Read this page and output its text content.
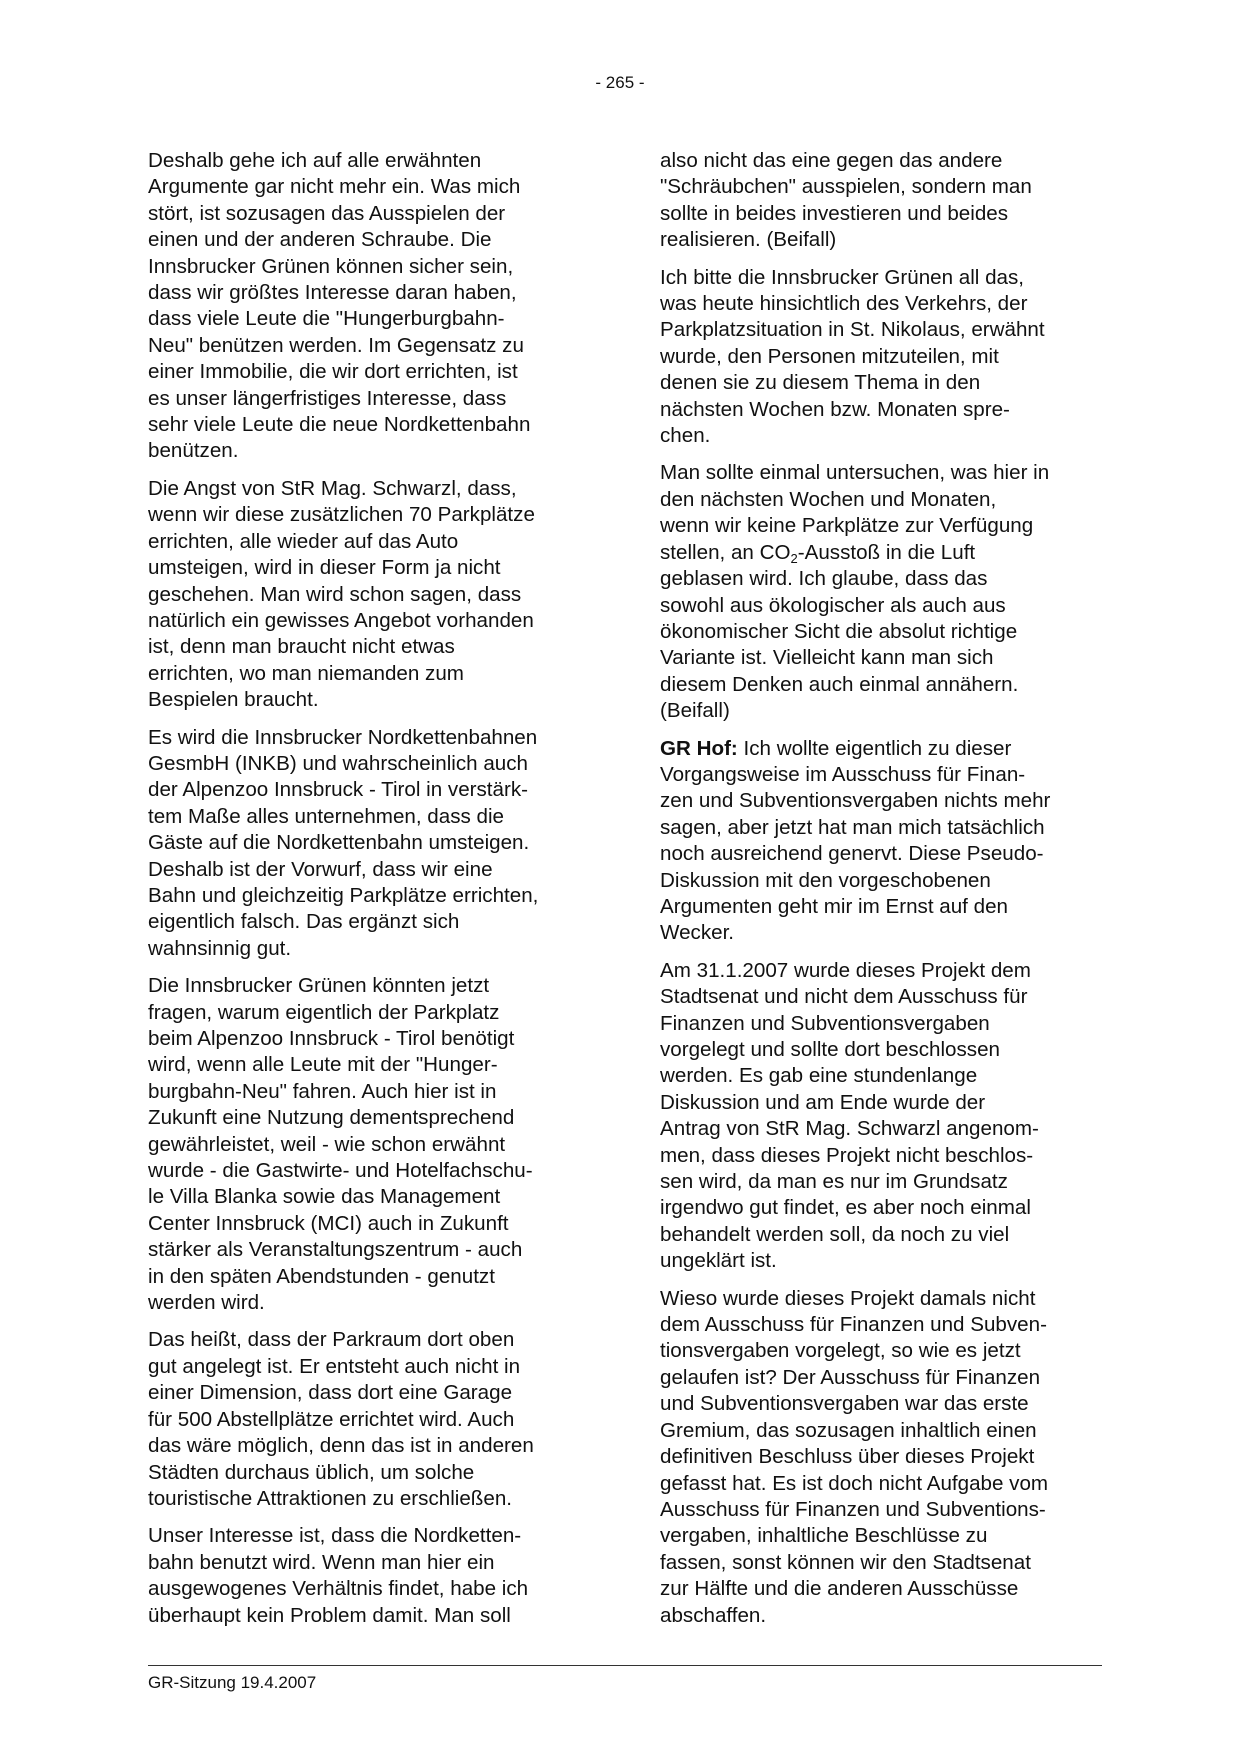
- 265 -

Deshalb gehe ich auf alle erwähnten
Argumente gar nicht mehr ein. Was mich
stört, ist sozusagen das Ausspielen der
einen und der anderen Schraube. Die
Innsbrucker Grünen können sicher sein,
dass wir größtes Interesse daran haben,
dass viele Leute die "Hungerburgbahn-
Neu" benützen werden. Im Gegensatz zu
einer Immobilie, die wir dort errichten, ist
es unser längerfristiges Interesse, dass
sehr viele Leute die neue Nordkettenbahn
benützen.

Die Angst von StR Mag. Schwarzl, dass,
wenn wir diese zusätzlichen 70 Parkplätze
errichten, alle wieder auf das Auto
umsteigen, wird in dieser Form ja nicht
geschehen. Man wird schon sagen, dass
natürlich ein gewisses Angebot vorhanden
ist, denn man braucht nicht etwas
errichten, wo man niemanden zum
Bespielen braucht.

Es wird die Innsbrucker Nordkettenbahnen
GesmbH (INKB) und wahrscheinlich auch
der Alpenzoo Innsbruck - Tirol in verstärk-
tem Maße alles unternehmen, dass die
Gäste auf die Nordkettenbahn umsteigen.
Deshalb ist der Vorwurf, dass wir eine
Bahn und gleichzeitig Parkplätze errichten,
eigentlich falsch. Das ergänzt sich
wahnsinnig gut.

Die Innsbrucker Grünen könnten jetzt
fragen, warum eigentlich der Parkplatz
beim Alpenzoo Innsbruck - Tirol benötigt
wird, wenn alle Leute mit der "Hunger-
burgbahn-Neu" fahren. Auch hier ist in
Zukunft eine Nutzung dementsprechend
gewährleistet, weil - wie schon erwähnt
wurde - die Gastwirte- und Hotelfachschu-
le Villa Blanka sowie das Management
Center Innsbruck (MCI) auch in Zukunft
stärker als Veranstaltungszentrum - auch
in den späten Abendstunden - genutzt
werden wird.

Das heißt, dass der Parkraum dort oben
gut angelegt ist. Er entsteht auch nicht in
einer Dimension, dass dort eine Garage
für 500 Abstellplätze errichtet wird. Auch
das wäre möglich, denn das ist in anderen
Städten durchaus üblich, um solche
touristische Attraktionen zu erschließen.

Unser Interesse ist, dass die Nordketten-
bahn benutzt wird. Wenn man hier ein
ausgewogenes Verhältnis findet, habe ich
überhaupt kein Problem damit. Man soll

also nicht das eine gegen das andere
"Schräubchen" ausspielen, sondern man
sollte in beides investieren und beides
realisieren. (Beifall)

Ich bitte die Innsbrucker Grünen all das,
was heute hinsichtlich des Verkehrs, der
Parkplatzsituation in St. Nikolaus, erwähnt
wurde, den Personen mitzuteilen, mit
denen sie zu diesem Thema in den
nächsten Wochen bzw. Monaten spre-
chen.

Man sollte einmal untersuchen, was hier in
den nächsten Wochen und Monaten,
wenn wir keine Parkplätze zur Verfügung
stellen, an $CO_2$-Ausstoß in die Luft
geblasen wird. Ich glaube, dass das
sowohl aus ökologischer als auch aus
ökonomischer Sicht die absolut richtige
Variante ist. Vielleicht kann man sich
diesem Denken auch einmal annähern.
(Beifall)

GR Hof: Ich wollte eigentlich zu dieser
Vorgangsweise im Ausschuss für Finan-
zen und Subventionsvergaben nichts mehr
sagen, aber jetzt hat man mich tatsächlich
noch ausreichend genervt. Diese Pseudo-
Diskussion mit den vorgeschobenen
Argumenten geht mir im Ernst auf den
Wecker.

Am 31.1.2007 wurde dieses Projekt dem
Stadtsenat und nicht dem Ausschuss für
Finanzen und Subventionsvergaben
vorgelegt und sollte dort beschlossen
werden. Es gab eine stundenlange
Diskussion und am Ende wurde der
Antrag von StR Mag. Schwarzl angenom-
men, dass dieses Projekt nicht beschlos-
sen wird, da man es nur im Grundsatz
irgendwo gut findet, es aber noch einmal
behandelt werden soll, da noch zu viel
ungeklärt ist.

Wieso wurde dieses Projekt damals nicht
dem Ausschuss für Finanzen und Subven-
tionsvergaben vorgelegt, so wie es jetzt
gelaufen ist? Der Ausschuss für Finanzen
und Subventionsvergaben war das erste
Gremium, das sozusagen inhaltlich einen
definitiven Beschluss über dieses Projekt
gefasst hat. Es ist doch nicht Aufgabe vom
Ausschuss für Finanzen und Subventions-
vergaben, inhaltliche Beschlüsse zu
fassen, sonst können wir den Stadtsenat
zur Hälfte und die anderen Ausschüsse
abschaffen.

GR-Sitzung 19.4.2007
